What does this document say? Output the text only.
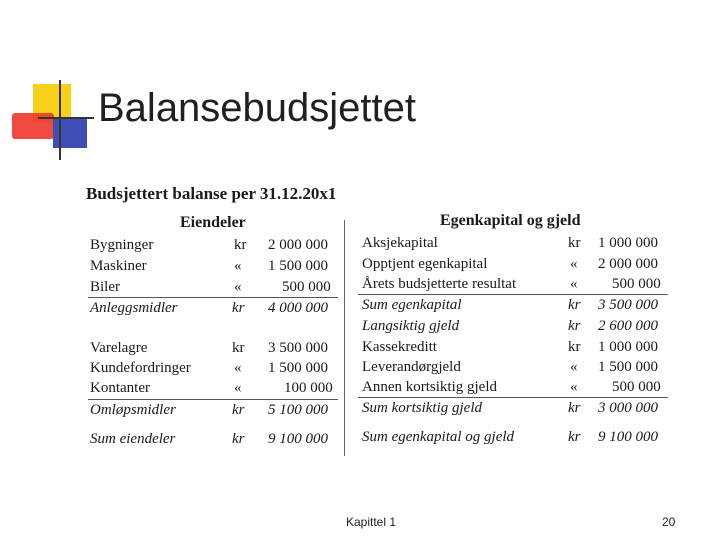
Balansebudsjettet
Budsjettert balanse per 31.12.20x1
Eiendeler	Egenkapital og gjeld
Bygninger	kr 2 000 000
Maskiner	« 1 500 000
Biler	«	500 000
Anleggsmidler	kr 4 000 000
Varelagre	kr 3 500 000
Kundefordringer	« 1 500 000
Kontanter	«	100 000
Omløpsmidler	kr 5 100 000
Sum eiendeler	kr 9 100 000
Aksjekapital	kr 1 000 000
Opptjent egenkapital	« 2 000 000
Årets budsjetterte resultat	« 500 000
Sum egenkapital	kr 3 500 000
Langsiktig gjeld	kr 2 600 000
Kassekreditt	kr 1 000 000
Leverandørgjeld	« 1 500 000
Annen kortsiktig gjeld	« 500 000
Sum kortsiktig gjeld	kr 3 000 000
Sum egenkapital og gjeld	kr 9 100 000
Kapittel 1	20
